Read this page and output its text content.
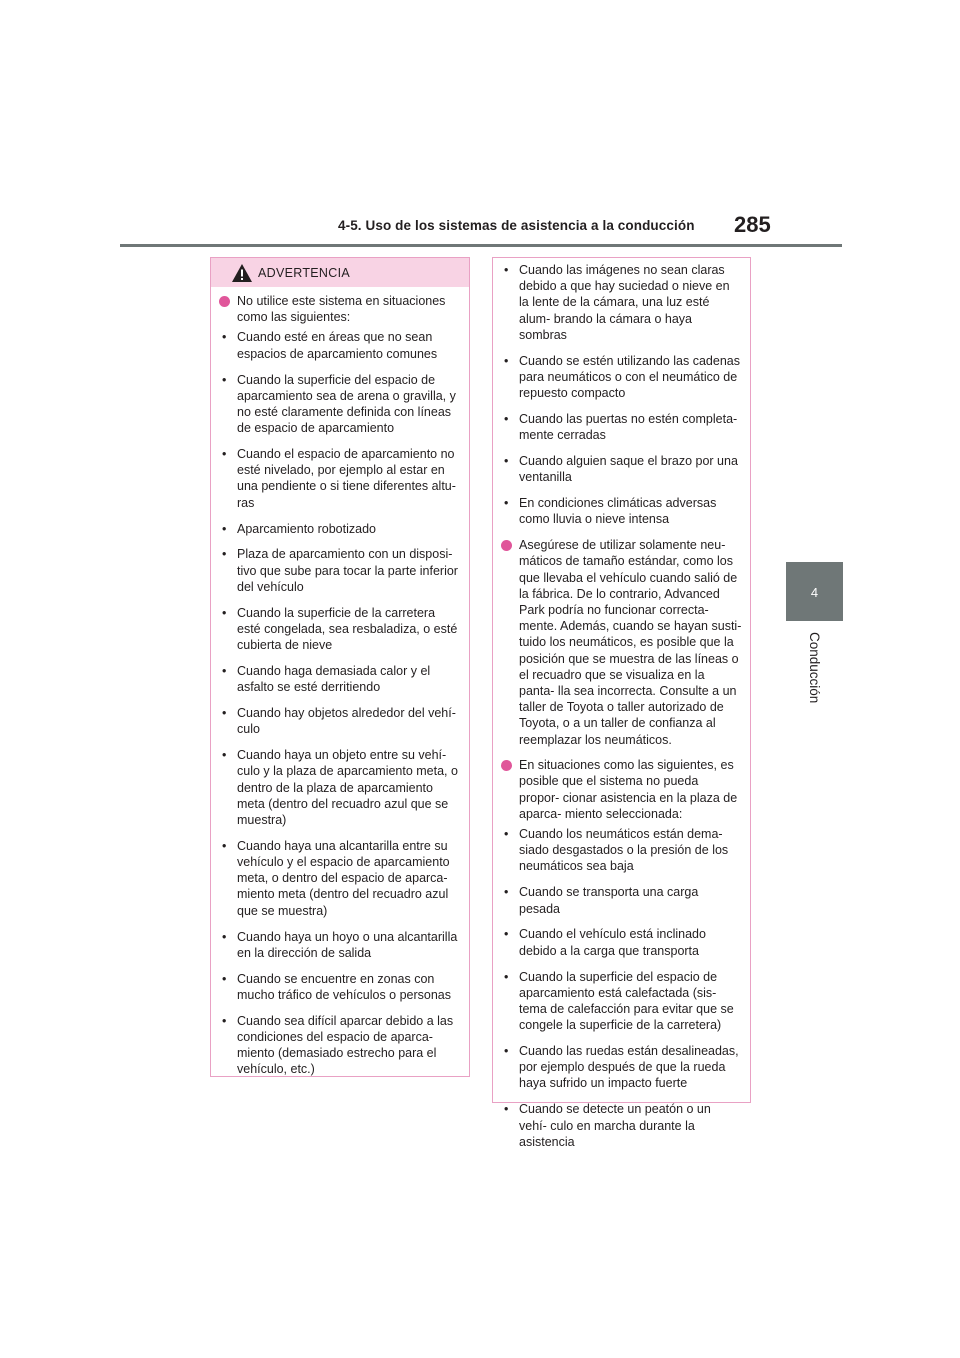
4-5. Uso de los sistemas de asistencia a la conducción 285
4
Conducción
ADVERTENCIA
No utilice este sistema en situaciones como las siguientes:
• Cuando esté en áreas que no sean espacios de aparcamiento comunes
• Cuando la superficie del espacio de aparcamiento sea de arena o gravilla, y no esté claramente definida con líneas de espacio de aparcamiento
• Cuando el espacio de aparcamiento no esté nivelado, por ejemplo al estar en una pendiente o si tiene diferentes altu- ras
• Aparcamiento robotizado
• Plaza de aparcamiento con un disposi- tivo que sube para tocar la parte inferior del vehículo
• Cuando la superficie de la carretera esté congelada, sea resbaladiza, o esté cubierta de nieve
• Cuando haga demasiada calor y el asfalto se esté derritiendo
• Cuando hay objetos alrededor del vehí- culo
• Cuando haya un objeto entre su vehí- culo y la plaza de aparcamiento meta, o dentro de la plaza de aparcamiento meta (dentro del recuadro azul que se muestra)
• Cuando haya una alcantarilla entre su vehículo y el espacio de aparcamiento meta, o dentro del espacio de aparca- miento meta (dentro del recuadro azul que se muestra)
• Cuando haya un hoyo o una alcantarilla en la dirección de salida
• Cuando se encuentre en zonas con mucho tráfico de vehículos o personas
• Cuando sea difícil aparcar debido a las condiciones del espacio de aparca- miento (demasiado estrecho para el vehículo, etc.)
• Cuando las imágenes no sean claras debido a que hay suciedad o nieve en la lente de la cámara, una luz esté alum- brando la cámara o haya sombras
• Cuando se estén utilizando las cadenas para neumáticos o con el neumático de repuesto compacto
• Cuando las puertas no estén completa- mente cerradas
• Cuando alguien saque el brazo por una ventanilla
• En condiciones climáticas adversas como lluvia o nieve intensa
Asegúrese de utilizar solamente neu- máticos de tamaño estándar, como los que llevaba el vehículo cuando salió de la fábrica. De lo contrario, Advanced Park podría no funcionar correcta- mente. Además, cuando se hayan susti- tuido los neumáticos, es posible que la posición que se muestra de las líneas o el recuadro que se visualiza en la panta- lla sea incorrecta. Consulte a un taller de Toyota o taller autorizado de Toyota, o a un taller de confianza al reemplazar los neumáticos.
En situaciones como las siguientes, es posible que el sistema no pueda propor- cionar asistencia en la plaza de aparca- miento seleccionada:
• Cuando los neumáticos están dema- siado desgastados o la presión de los neumáticos sea baja
• Cuando se transporta una carga pesada
• Cuando el vehículo está inclinado debido a la carga que transporta
• Cuando la superficie del espacio de aparcamiento está calefactada (sis- tema de calefacción para evitar que se congele la superficie de la carretera)
• Cuando las ruedas están desalineadas, por ejemplo después de que la rueda haya sufrido un impacto fuerte
• Cuando se detecte un peatón o un vehí- culo en marcha durante la asistencia
